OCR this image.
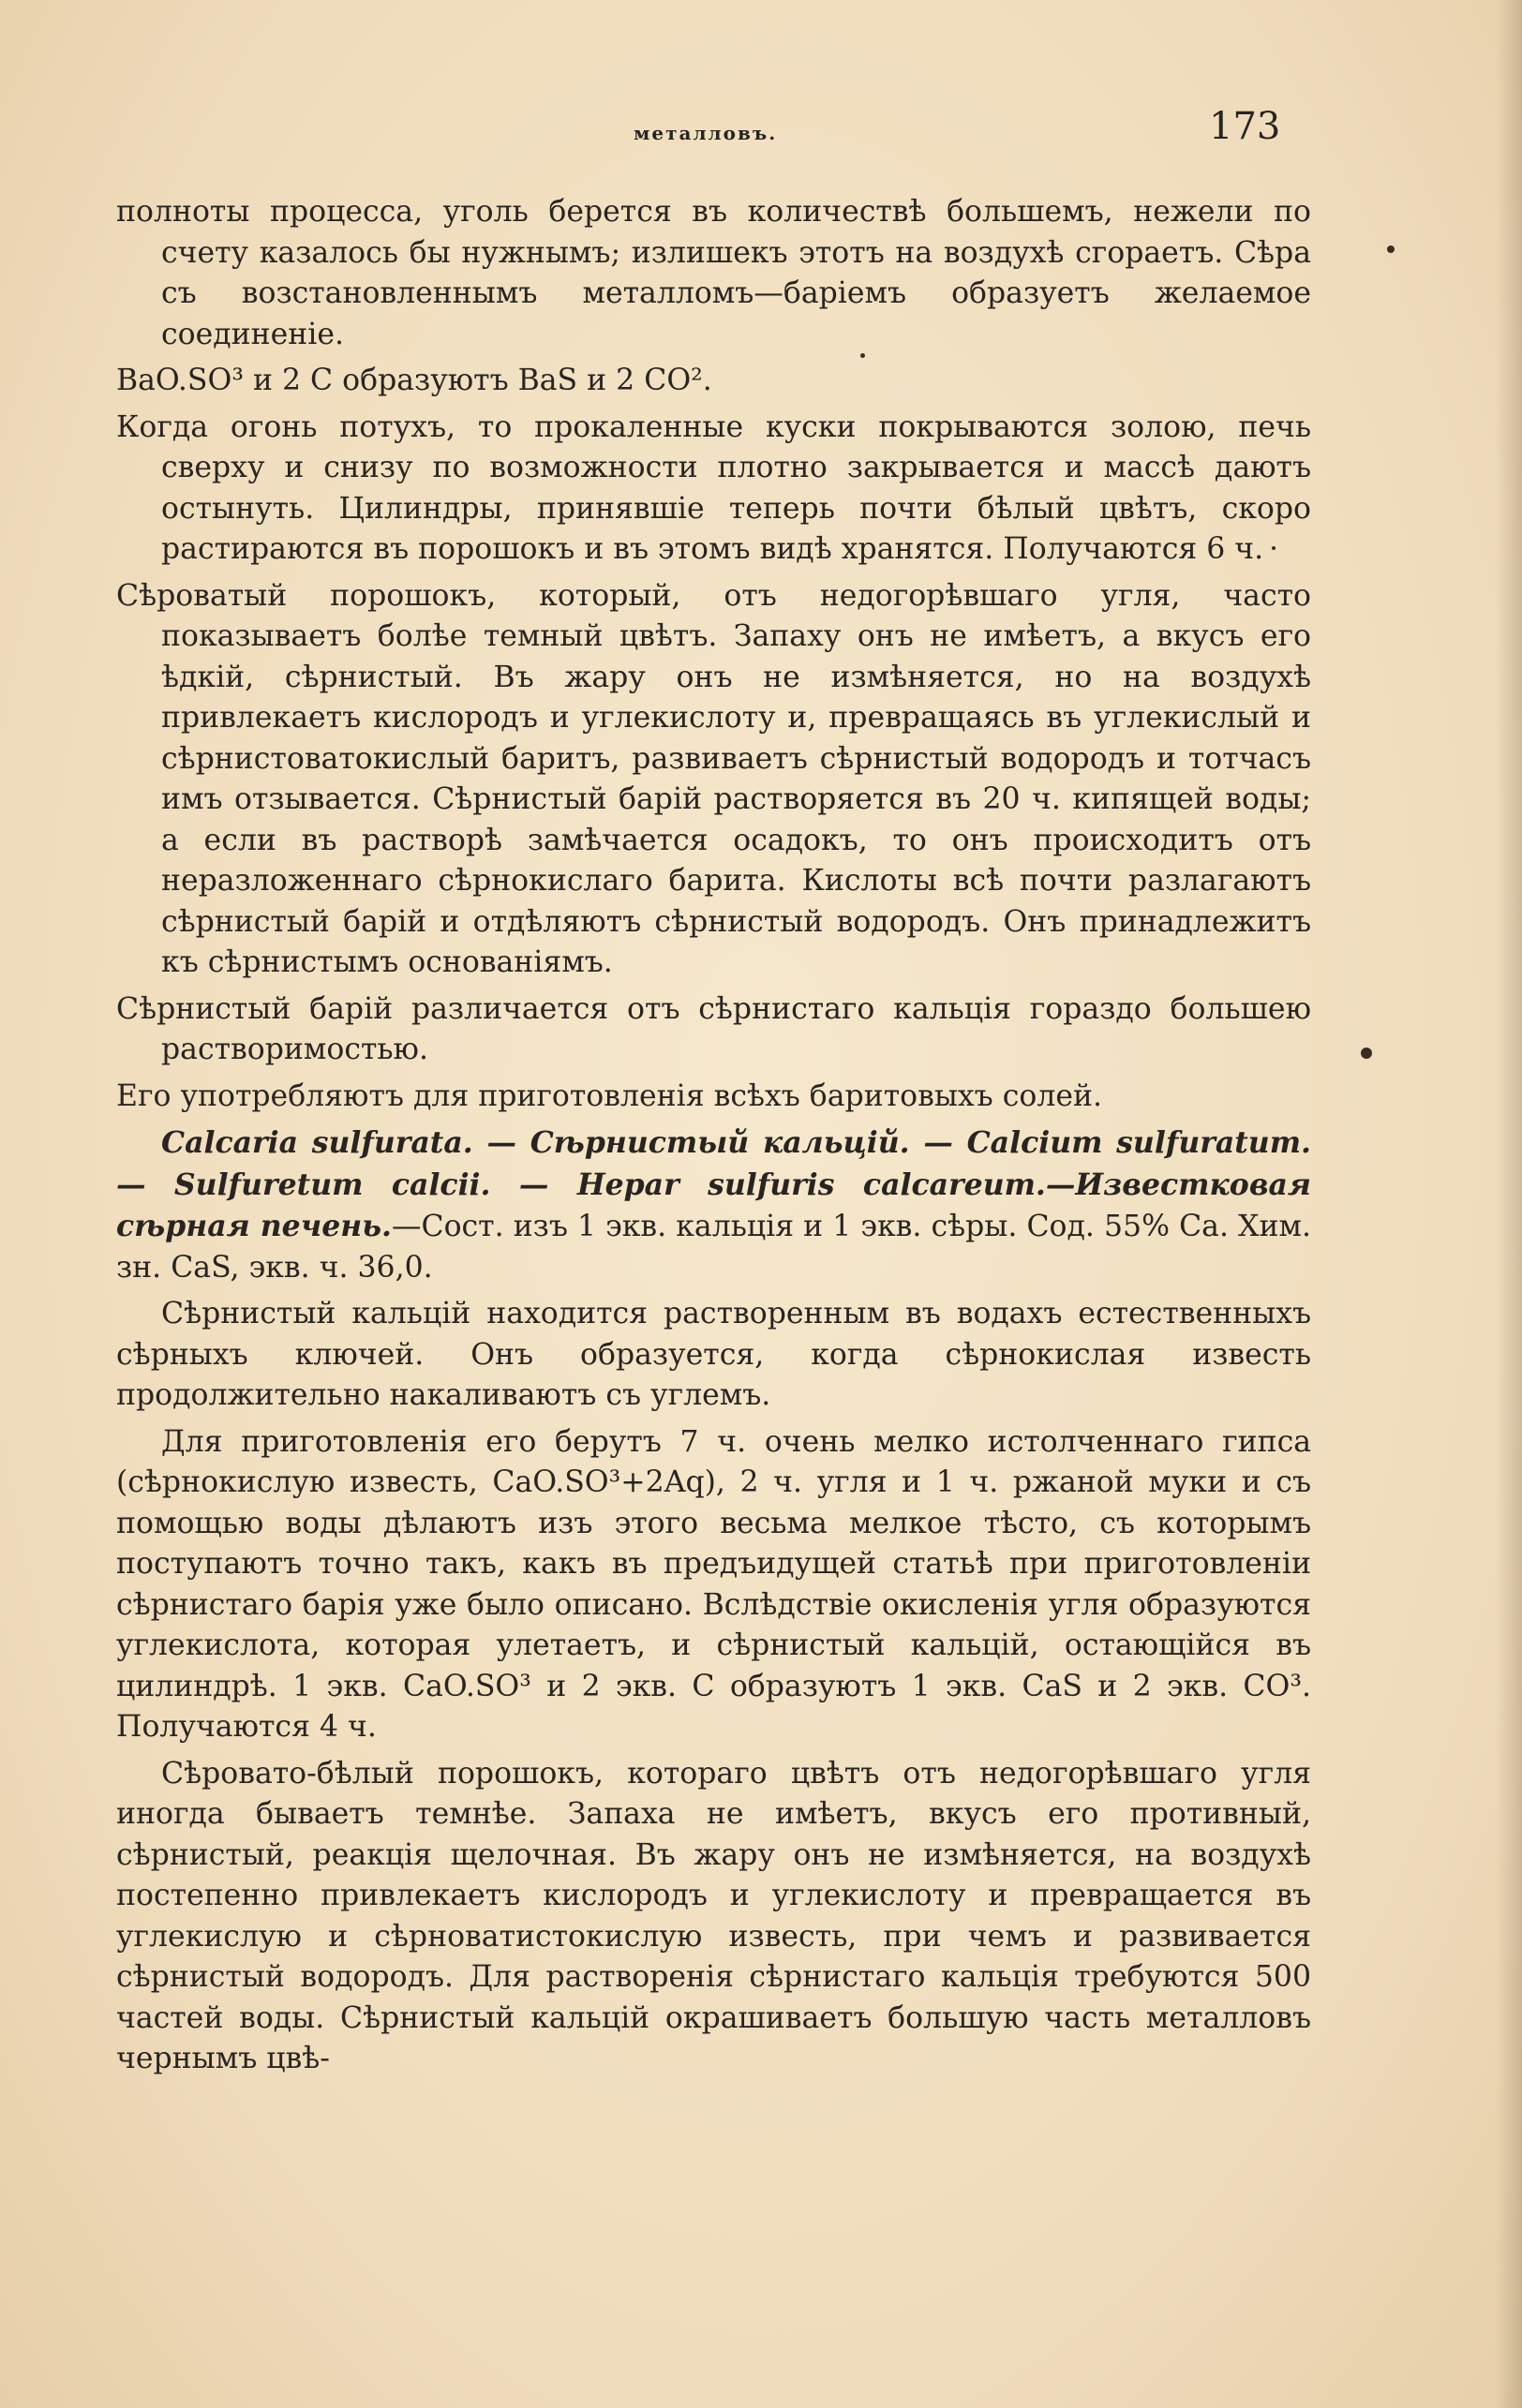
металловъ.	173

полноты процесса, уголь берется въ количествѣ большемъ, нежели по счету казалось бы нужнымъ; излишекъ этотъ на воздухѣ сгораетъ. Сѣра съ возстановленнымъ металломъ—баріемъ образуетъ желаемое соединеніе.

BaO.SO³ и 2 C образуютъ BaS и 2 CO².

Когда огонь потухъ, то прокаленные куски покрываются золою, печь сверху и снизу по возможности плотно закрывается и массѣ даютъ остынуть. Цилиндры, принявшіе теперь почти бѣлый цвѣтъ, скоро растираются въ порошокъ и въ этомъ видѣ хранятся. Получаются 6 ч.

Сѣроватый порошокъ, который, отъ недогорѣвшаго угля, часто показываетъ болѣе темный цвѣтъ. Запаху онъ не имѣетъ, а вкусъ его ѣдкій, сѣрнистый. Въ жару онъ не измѣняется, но на воздухѣ привлекаетъ кислородъ и углекислоту и, превращаясь въ углекислый и сѣрнистоватокислый баритъ, развиваетъ сѣрнистый водородъ и тотчасъ имъ отзывается. Сѣрнистый барій растворяется въ 20 ч. кипящей воды; а если въ растворѣ замѣчается осадокъ, то онъ происходитъ отъ неразложеннаго сѣрнокислаго барита. Кислоты всѣ почти разлагаютъ сѣрнистый барій и отдѣляютъ сѣрнистый водородъ. Онъ принадлежитъ къ сѣрнистымъ основаніямъ.

Сѣрнистый барій различается отъ сѣрнистаго кальція гораздо большею растворимостью.

Его употребляютъ для приготовленія всѣхъ баритовыхъ солей.

Calcaria sulfurata. — Сѣрнистый кальцій. — Calcium sulfuratum. — Sulfuretum calcii. — Hepar sulfuris calcareum.—Известковая сѣрная печень.—Сост. изъ 1 экв. кальція и 1 экв. сѣры. Сод. 55% Ca. Хим. зн. CaS, экв. ч. 36,0.

Сѣрнистый кальцій находится растворенным въ водахъ естественныхъ сѣрныхъ ключей. Онъ образуется, когда сѣрнокислая известь продолжительно накаливаютъ съ углемъ.

Для приготовленія его берутъ 7 ч. очень мелко истолченнаго гипса (сѣрнокислую известь, CaO.SO³+2Aq), 2 ч. угля и 1 ч. ржаной муки и съ помощью воды дѣлаютъ изъ этого весьма мелкое тѣсто, съ которымъ поступаютъ точно такъ, какъ въ предъидущей статьѣ при приготовленіи сѣрнистаго барія уже было описано. Вслѣдствіе окисленія угля образуются углекислота, которая улетаетъ, и сѣрнистый кальцій, остающійся въ цилиндрѣ. 1 экв. CaO.SO³ и 2 экв. C образуютъ 1 экв. CaS и 2 экв. CO³. Получаются 4 ч.

Сѣровато-бѣлый порошокъ, котораго цвѣтъ отъ недогорѣвшаго угля иногда бываетъ темнѣе. Запаха не имѣетъ, вкусъ его противный, сѣрнистый, реакція щелочная. Въ жару онъ не измѣняется, на воздухѣ постепенно привлекаетъ кислородъ и углекислоту и превращается въ углекислую и сѣрноватистокислую известь, при чемъ и развивается сѣрнистый водородъ. Для растворенія сѣрнистаго кальція требуются 500 частей воды. Сѣрнистый кальцій окрашиваетъ большую часть металловъ чернымъ цвѣ-
